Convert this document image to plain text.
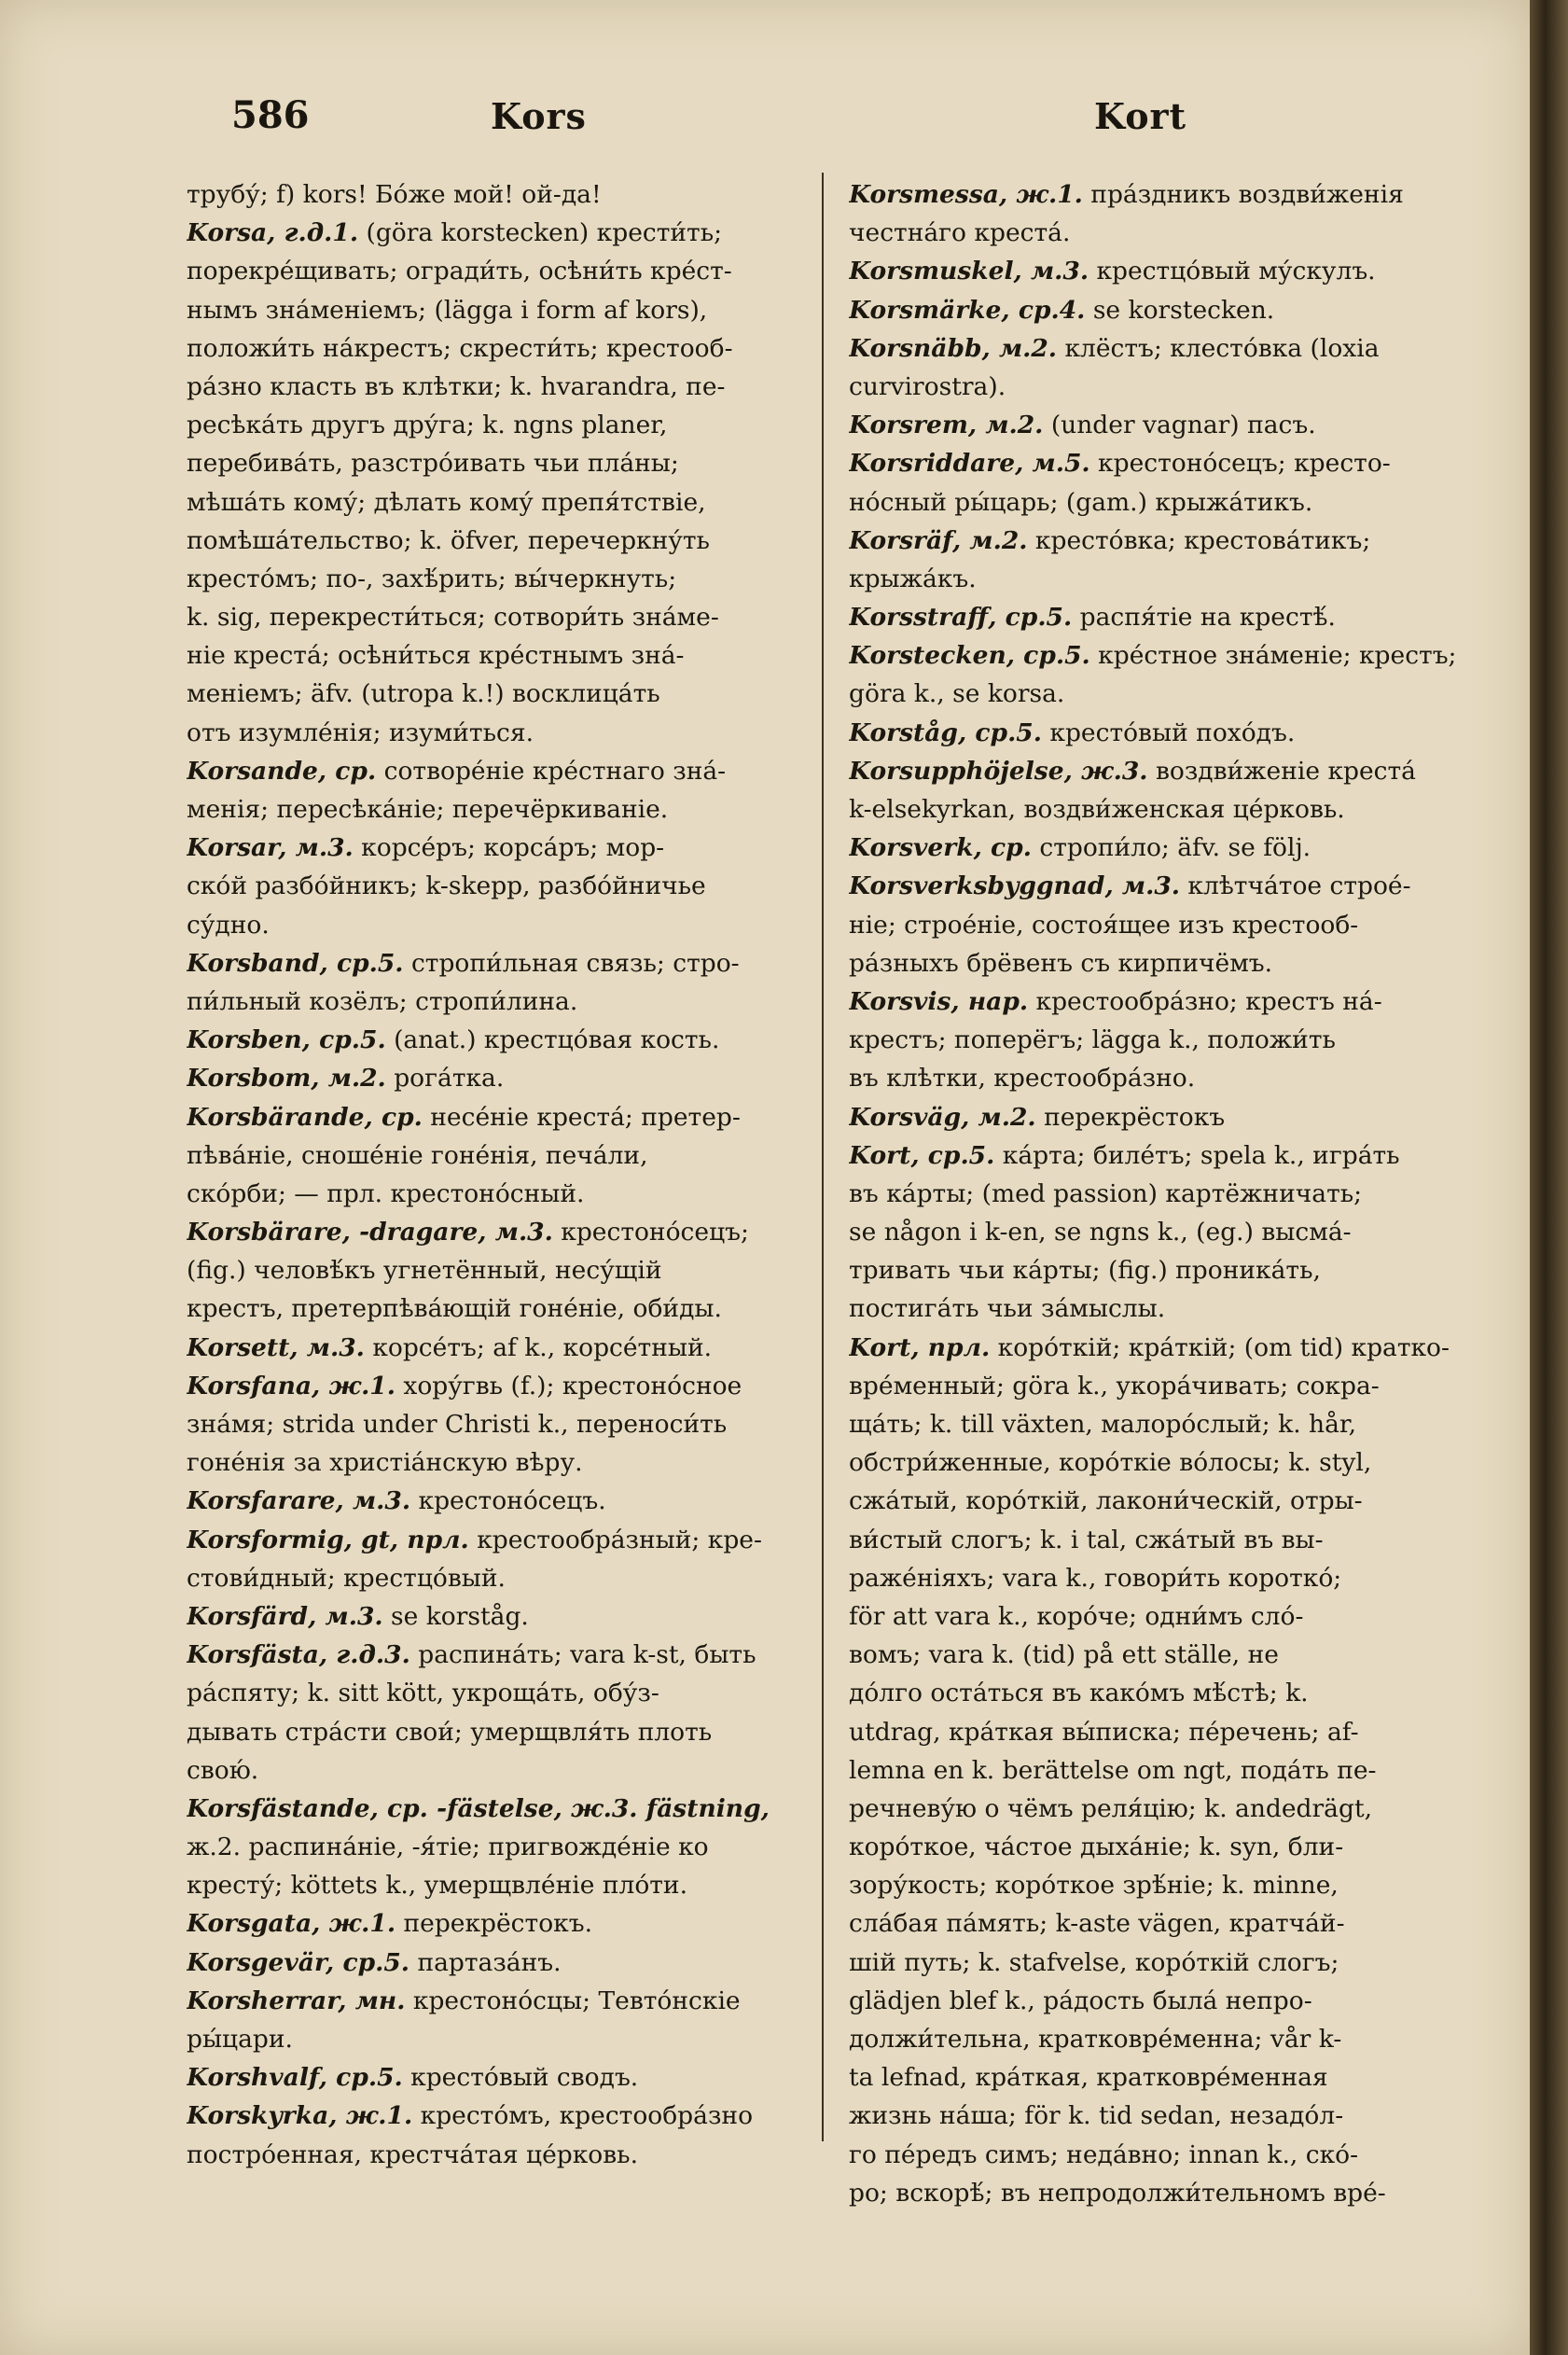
586	Kors	Kort
трубу́; f) kors! Бо́же мой! ой-да!
Korsa, г.д.1. (göra korstecken) крести́ть;
порекре́щивать; огради́ть, осѣни́ть кре́ст-
нымъ зна́меніемъ; (lägga i form af kors),
положи́ть на́крестъ; скрести́ть; крестооб-
ра́зно класть въ клѣтки; k. hvarandra, пе-
ресѣка́ть другъ дру́га; k. ngns planer,
перебива́ть, разстро́ивать чьи пла́ны;
мѣша́ть кому́; дѣлать кому́ препя́тствіе,
помѣша́тельство; k. öfver, перечеркну́ть
кресто́мъ; по-, захѣ́рить; вы́черкнуть;
k. sig, перекрести́ться; сотвори́ть зна́ме-
ніе креста́; осѣни́ться кре́стнымъ зна́-
меніемъ; äfv. (utropa k.!) восклица́ть
отъ изумле́нія; изуми́ться.
Korsande, ср. сотворе́ніе кре́стнаго зна́-
менія; пересѣка́ніе; перечёркиваніе.
Korsar, м.3. корсе́ръ; корса́ръ; мор-
ско́й разбо́йникъ; k-skepp, разбо́йничье
су́дно.
Korsband, ср.5. стропи́льная связь; стро-
пи́льный козёлъ; стропи́лина.
Korsben, ср.5. (anat.) крестцо́вая кость.
Korsbom, м.2. рога́тка.
Korsbärande, ср. несе́ніе креста́; претер-
пѣва́ніе, сноше́ніе гоне́нія, печа́ли,
ско́рби; — прл. крестоно́сный.
Korsbärare, -dragare, м.3. крестоно́сецъ;
(fig.) человѣ́къ угнетённый, несу́щій
крестъ, претерпѣва́ющій гоне́ніе, оби́ды.
Korsett, м.3. корсе́тъ; af k., корсе́тный.
Korsfana, ж.1. хору́гвь (f.); крестоно́сное
зна́мя; strida under Christi k., переноси́ть
гоне́нія за христіа́нскую вѣру.
Korsfarare, м.3. крестоно́сецъ.
Korsformig, gt, прл. крестообра́зный; кре-
стови́дный; крестцо́вый.
Korsfärd, м.3. se korståg.
Korsfästa, г.д.3. распина́ть; vara k-st, быть
ра́спяту; k. sitt kött, укроща́ть, обу́з-
дывать стра́сти свои́; умерщвля́ть плоть
свою́.
Korsfästande, ср. -fästelse, ж.3. fästning,
ж.2. распина́ніе, -я́тіе; пригвожде́ніе ко
кресту́; köttets k., умерщвле́ніе пло́ти.
Korsgata, ж.1. перекрёстокъ.
Korsgevär, ср.5. партаза́нъ.
Korsherrar, мн. крестоно́сцы; Тевто́нскіе
ры́цари.
Korshvalf, ср.5. кресто́вый сводъ.
Korskyrka, ж.1. кресто́мъ, крестообра́зно
постро́енная, крестча́тая це́рковь.
Korsmessa, ж.1. пра́здникъ воздви́женія
честна́го креста́.
Korsmuskel, м.3. крестцо́вый му́скулъ.
Korsmärke, ср.4. se korstecken.
Korsnäbb, м.2. клёстъ; клесто́вка (loxia
curvirostra).
Korsrem, м.2. (under vagnar) пасъ.
Korsriddare, м.5. крестоно́сецъ; кресто-
но́сный ры́царь; (gam.) крыжа́тикъ.
Korsräf, м.2. кресто́вка; крестова́тикъ;
крыжа́къ.
Korsstraff, ср.5. распя́тіе на крестѣ́.
Korstecken, ср.5. кре́стное зна́меніе; крестъ;
göra k., se korsa.
Korståg, ср.5. кресто́вый похо́дъ.
Korsupphöjelse, ж.3. воздви́женіе креста́
k-elsekyrkan, воздви́женская це́рковь.
Korsverk, ср. стропи́ло; äfv. se följ.
Korsverksbyggnad, м.3. клѣтча́тое строе́-
ніе; строе́ніе, состоя́щее изъ крестооб-
ра́зныхъ брёвенъ съ кирпичёмъ.
Korsvis, нар. крестообра́зно; крестъ на́-
крестъ; поперёгъ; lägga k., положи́ть
въ клѣтки, крестообра́зно.
Korsväg, м.2. перекрёстокъ
Kort, ср.5. ка́рта; биле́тъ; spela k., игра́ть
въ ка́рты; (med passion) картёжничать;
se någon i k-en, se ngns k., (eg.) высма́-
тривать чьи ка́рты; (fig.) проника́ть,
постига́ть чьи за́мыслы.
Kort, прл. коро́ткій; кра́ткій; (om tid) кратко-
вре́менный; göra k., укора́чивать; сокра-
ща́ть; k. till växten, малоро́слый; k. hår,
обстри́женные, коро́ткіе во́лосы; k. styl,
сжа́тый, коро́ткій, лакони́ческій, отры-
ви́стый слогъ; k. i tal, сжа́тый въ вы-
раже́ніяхъ; vara k., говори́ть коротко́;
för att vara k., коро́че; одни́мъ сло́-
вомъ; vara k. (tid) på ett ställe, не
до́лго оста́ться въ како́мъ мѣ́стѣ; k.
utdrag, кра́ткая вы́писка; пе́речень; af-
lemna en k. berättelse om ngt, пода́ть пе-
речневу́ю о чёмъ реля́цію; k. andedrägt,
коро́ткое, ча́стое дыха́ніе; k. syn, бли-
зору́кость; коро́ткое зрѣ́ніе; k. minne,
сла́бая па́мять; k-aste vägen, кратча́й-
шій путь; k. stafvelse, коро́ткій слогъ;
glädjen blef k., ра́дость была́ непро-
должи́тельна, кратковре́менна; vår k-
ta lefnad, кра́ткая, кратковре́менная
жизнь на́ша; för k. tid sedan, незадо́л-
го пе́редъ симъ; неда́вно; innan k., ско́-
ро; вскорѣ́; въ непродолжи́тельномъ вре́-
